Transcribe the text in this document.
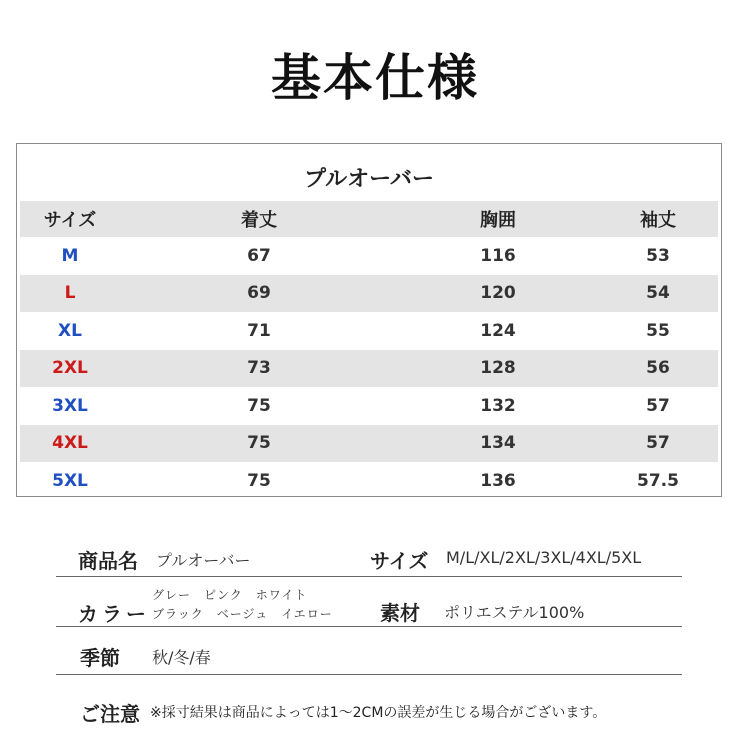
基本仕様
プルオーバー
サイズ	着丈	胸囲	袖丈
M	67	116	53
L	69	120	54
XL	71	124	55
2XL	73	128	56
3XL	75	132	57
4XL	75	134	57
5XL	75	136	57.5
商品名 プルオーバー	サイズ M/L/XL/2XL/3XL/4XL/5XL
カラー
グレー　ピンク　ホワイト
ブラック　ベージュ　イエロー 素材 ポリエステル100%
季節 秋/冬/春
ご注意 ※採寸結果は商品によっては1〜2CMの誤差が生じる場合がございます。
